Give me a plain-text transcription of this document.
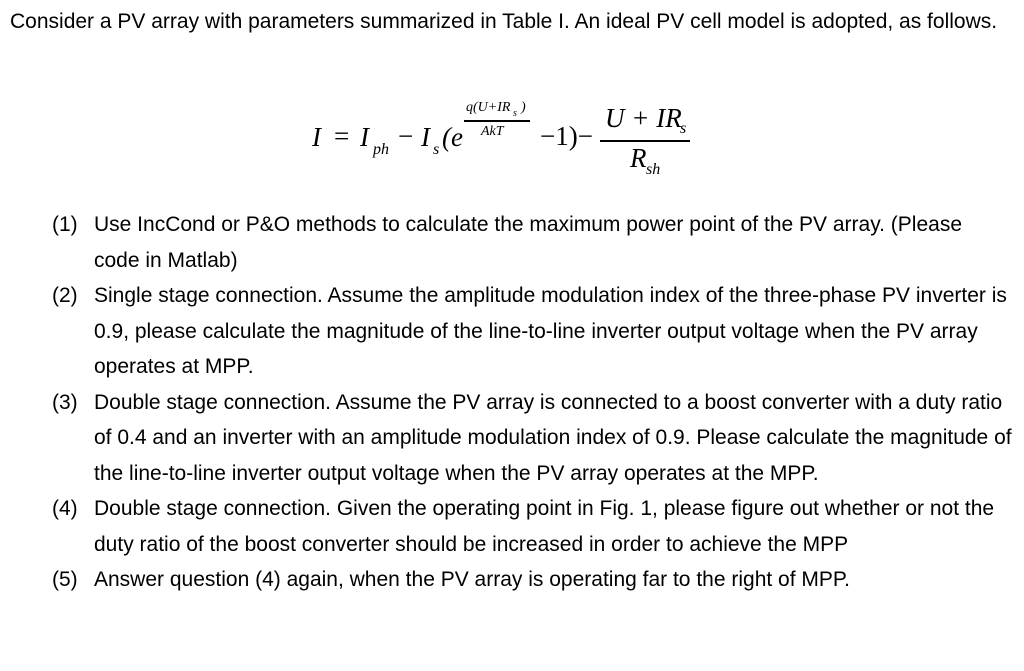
Consider a PV array with parameters summarized in Table I. An ideal PV cell model is adopted, as follows.
I = I ph − I s (e
q(U+IR s )
AkT −1)−
U + IR
s
R sh
(1) Use IncCond or P&O methods to calculate the maximum power point of the PV array. (Please code in Matlab)
(2) Single stage connection. Assume the amplitude modulation index of the three-phase PV inverter is 0.9, please calculate the magnitude of the line-to-line inverter output voltage when the PV array operates at MPP.
(3) Double stage connection. Assume the PV array is connected to a boost converter with a duty ratio of 0.4 and an inverter with an amplitude modulation index of 0.9. Please calculate the magnitude of the line-to-line inverter output voltage when the PV array operates at the MPP.
(4) Double stage connection. Given the operating point in Fig. 1, please figure out whether or not the duty ratio of the boost converter should be increased in order to achieve the MPP
(5) Answer question (4) again, when the PV array is operating far to the right of MPP.
